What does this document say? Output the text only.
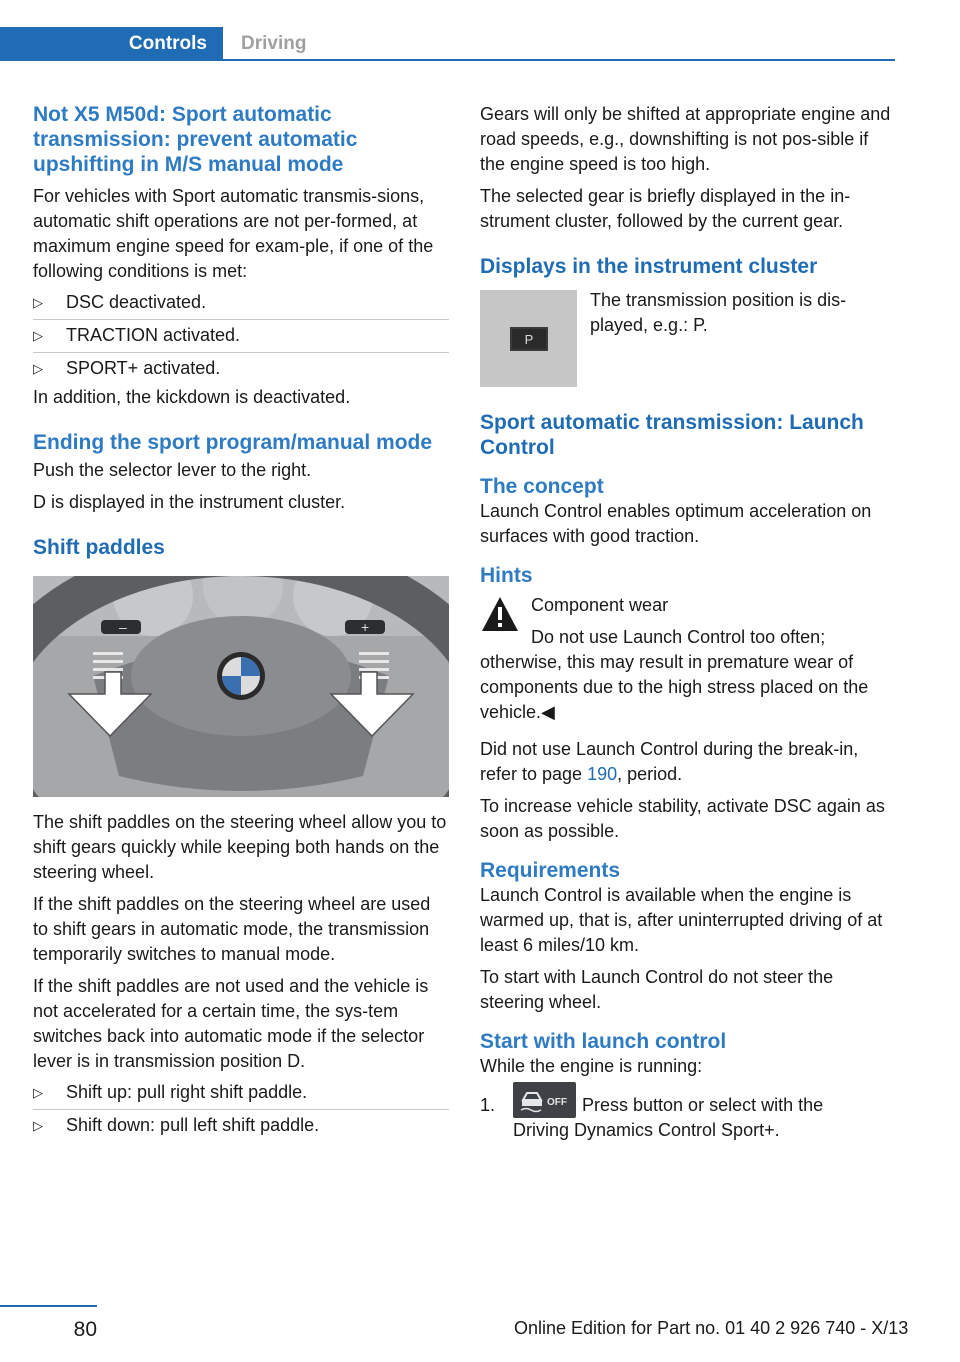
Controls	Driving
Not X5 M50d: Sport automatic transmission: prevent automatic upshifting in M/S manual mode

For vehicles with Sport automatic transmis-sions, automatic shift operations are not per-formed, at maximum engine speed for exam-ple, if one of the following conditions is met:

▷ DSC deactivated.
▷ TRACTION activated.
▷ SPORT+ activated.

In addition, the kickdown is deactivated.

Ending the sport program/manual mode

Push the selector lever to the right.

D is displayed in the instrument cluster.

Shift paddles
–	+

The shift paddles on the steering wheel allow you to shift gears quickly while keeping both hands on the steering wheel.

If the shift paddles on the steering wheel are used to shift gears in automatic mode, the transmission temporarily switches to manual mode.

If the shift paddles are not used and the vehicle is not accelerated for a certain time, the sys-tem switches back into automatic mode if the selector lever is in transmission position D.

▷ Shift up: pull right shift paddle.
▷ Shift down: pull left shift paddle.

Gears will only be shifted at appropriate engine and road speeds, e.g., downshifting is not pos-sible if the engine speed is too high.

The selected gear is briefly displayed in the in-strument cluster, followed by the current gear.

Displays in the instrument cluster
P

The transmission position is dis-played, e.g.: P.

Sport automatic transmission: Launch Control
The concept

Launch Control enables optimum acceleration on surfaces with good traction.

Hints

Component wear

Do not use Launch Control too often;

otherwise, this may result in premature wear of components due to the high stress placed on the vehicle.◀

Did not use Launch Control during the break-in, refer to page 190, period.

To increase vehicle stability, activate DSC again as soon as possible.

Requirements

Launch Control is available when the engine is warmed up, that is, after uninterrupted driving of at least 6 miles/10 km.

To start with Launch Control do not steer the steering wheel.

Start with launch control

While the engine is running:

1.	OFF Press button or select with the

Driving Dynamics Control Sport+.

80	Online Edition for Part no. 01 40 2 926 740 - X/13
